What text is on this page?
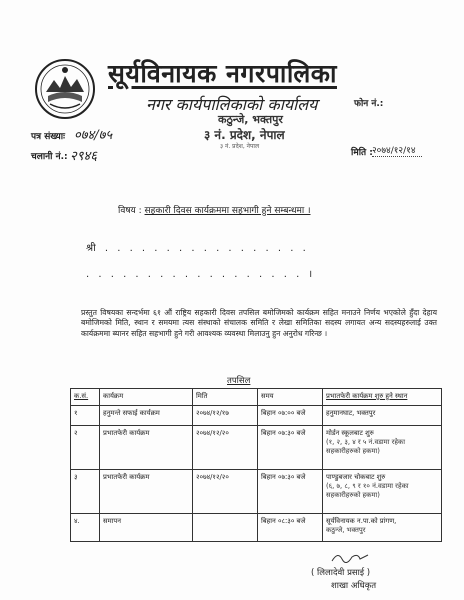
सूर्यविनायक नगरपालिका
नगर कार्यपालिकाको कार्यालय	फोन नं.:
कठुन्जे, भक्तपुर
३ नं. प्रदेश, नेपाल
३ नं. प्रदेश, नेपाल
पत्र संख्याः ०७४/७५
चलानी नं.: २९४६	मिति : २०७४/१२/१४
विषय : सहकारी दिवस कार्यक्रममा सहभागी हुने सम्बन्धमा ।
श्री . . . . . . . . . . . . . . . . .
. . . . . . . . . . . . . . . . . . ।
प्रस्तुत विषयका सन्दर्भमा ६१ औं राष्ट्रिय सहकारी दिवस तपसिल बमोजिमको कार्यक्रम सहित मनाउने निर्णय भएकोले हुँदा देहाय बमोजिमको मिति, स्थान र समयमा त्यस संस्थाको संचालक समिति र लेखा समितिका सदस्य लगायत अन्य सदस्यहरुलाई उक्त कार्यक्रममा ब्यानर सहित सहभागी हुने गरी आवश्यक व्यवस्था मिलाउनु हुन अनुरोध गरिन्छ ।
तपसिल
क.सं.	कार्यक्रम	मिति	समय	प्रभातफेरी कार्यक्रम शुरु हुने स्थान
१	हनुमन्ते सफाई कार्यक्रम	२०७४/१२/१७	बिहान ०७:०० बजे	हनुमानघाट, भक्तपुर

२	प्रभातफेरी कार्यक्रम	२०७४/१२/२०	बिहान ०७:३० बजे	मोर्डन स्कूलबाट शुरु
(१, २, ३, ४ र ५ नं.वडामा रहेका सहकारीहरुको हकमा)

३	प्रभातफेरी कार्यक्रम	२०७४/१२/२०	बिहान ०७:३० बजे	पाण्डुबजार चोकबाट शुरु
(६, ७, ८, ९ र १० नं.वडामा रहेका सहकारीहरुको हकमा)

४.	समापन		बिहान ०८:३० बजे	सूर्यविनायक न.पा.को प्रांगण,
कठुन्जे, भक्तपुर
( लिलादेवी प्रसाई )
शाखा अधिकृत
